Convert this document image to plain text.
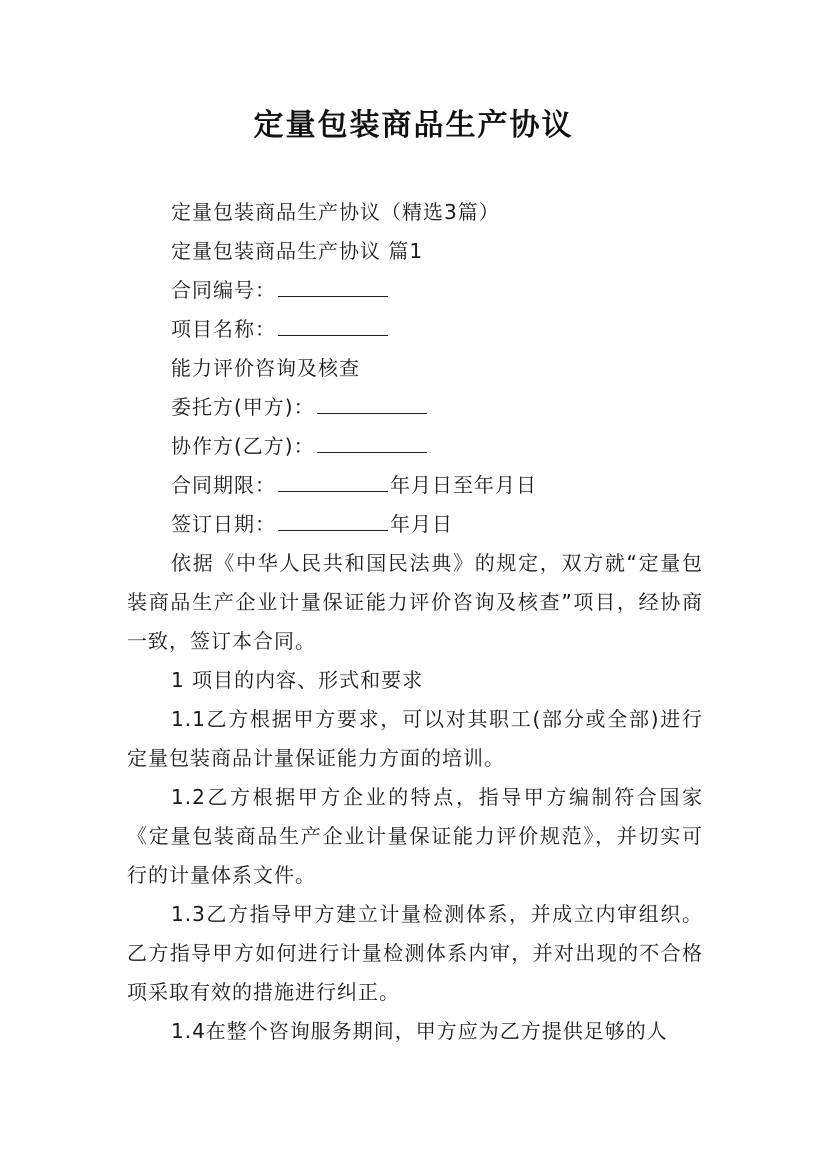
定量包装商品生产协议

定量包装商品生产协议（精选3篇）

定量包装商品生产协议 篇1

合同编号：

项目名称：

能力评价咨询及核查

委托方(甲方)：

协作方(乙方)：

合同期限：	年月日至年月日

签订日期：	年月日

依据《中华人民共和国民法典》的规定，双方就“定量包装商品生产企业计量保证能力评价咨询及核查”项目，经协商一致，签订本合同。

1 项目的内容、形式和要求

1.1乙方根据甲方要求，可以对其职工(部分或全部)进行定量包装商品计量保证能力方面的培训。

1.2乙方根据甲方企业的特点，指导甲方编制符合国家《定量包装商品生产企业计量保证能力评价规范》，并切实可行的计量体系文件。

1.3乙方指导甲方建立计量检测体系，并成立内审组织。乙方指导甲方如何进行计量检测体系内审，并对出现的不合格项采取有效的措施进行纠正。

1.4在整个咨询服务期间，甲方应为乙方提供足够的人
